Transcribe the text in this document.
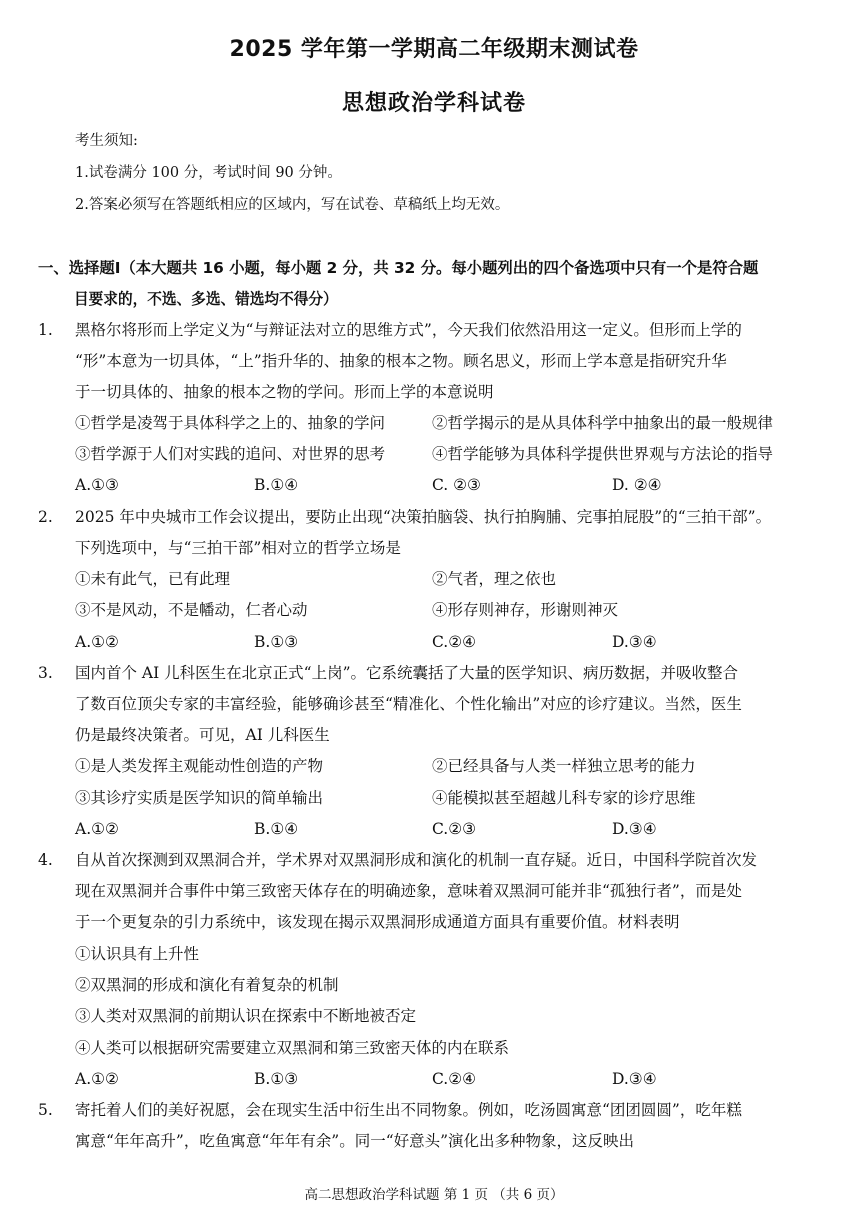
2025 学年第一学期高二年级期末测试卷
思想政治学科试卷
考生须知:
1.试卷满分 100 分，考试时间 90 分钟。
2.答案必须写在答题纸相应的区域内，写在试卷、草稿纸上均无效。
一、选择题Ⅰ（本大题共 16 小题，每小题 2 分，共 32 分。每小题列出的四个备选项中只有一个是符合题
目要求的，不选、多选、错选均不得分）
1. 黑格尔将形而上学定义为“与辩证法对立的思维方式”，今天我们依然沿用这一定义。但形而上学的
“形”本意为一切具体，“上”指升华的、抽象的根本之物。顾名思义，形而上学本意是指研究升华
于一切具体的、抽象的根本之物的学问。形而上学的本意说明
①哲学是凌驾于具体科学之上的、抽象的学问	②哲学揭示的是从具体科学中抽象出的最一般规律
③哲学源于人们对实践的追问、对世界的思考	④哲学能够为具体科学提供世界观与方法论的指导
A.①③	B.①④	C. ②③	D. ②④
2. 2025 年中央城市工作会议提出，要防止出现“决策拍脑袋、执行拍胸脯、完事拍屁股”的“三拍干部”。
下列选项中，与“三拍干部”相对立的哲学立场是
①未有此气，已有此理	②气者，理之依也
③不是风动，不是幡动，仁者心动	④形存则神存，形谢则神灭
A.①②	B.①③	C.②④	D.③④
3. 国内首个 AI 儿科医生在北京正式“上岗”。它系统囊括了大量的医学知识、病历数据，并吸收整合
了数百位顶尖专家的丰富经验，能够确诊甚至“精准化、个性化输出”对应的诊疗建议。当然，医生
仍是最终决策者。可见，AI 儿科医生
①是人类发挥主观能动性创造的产物	②已经具备与人类一样独立思考的能力
③其诊疗实质是医学知识的简单输出	④能模拟甚至超越儿科专家的诊疗思维
A.①②	B.①④	C.②③	D.③④
4. 自从首次探测到双黑洞合并，学术界对双黑洞形成和演化的机制一直存疑。近日，中国科学院首次发
现在双黑洞并合事件中第三致密天体存在的明确迹象，意味着双黑洞可能并非“孤独行者”，而是处
于一个更复杂的引力系统中，该发现在揭示双黑洞形成通道方面具有重要价值。材料表明
①认识具有上升性
②双黑洞的形成和演化有着复杂的机制
③人类对双黑洞的前期认识在探索中不断地被否定
④人类可以根据研究需要建立双黑洞和第三致密天体的内在联系
A.①②	B.①③	C.②④	D.③④
5. 寄托着人们的美好祝愿，会在现实生活中衍生出不同物象。例如，吃汤圆寓意“团团圆圆”，吃年糕
寓意“年年高升”，吃鱼寓意“年年有余”。同一“好意头”演化出多种物象，这反映出
高二思想政治学科试题 第 1 页 （共 6 页）
